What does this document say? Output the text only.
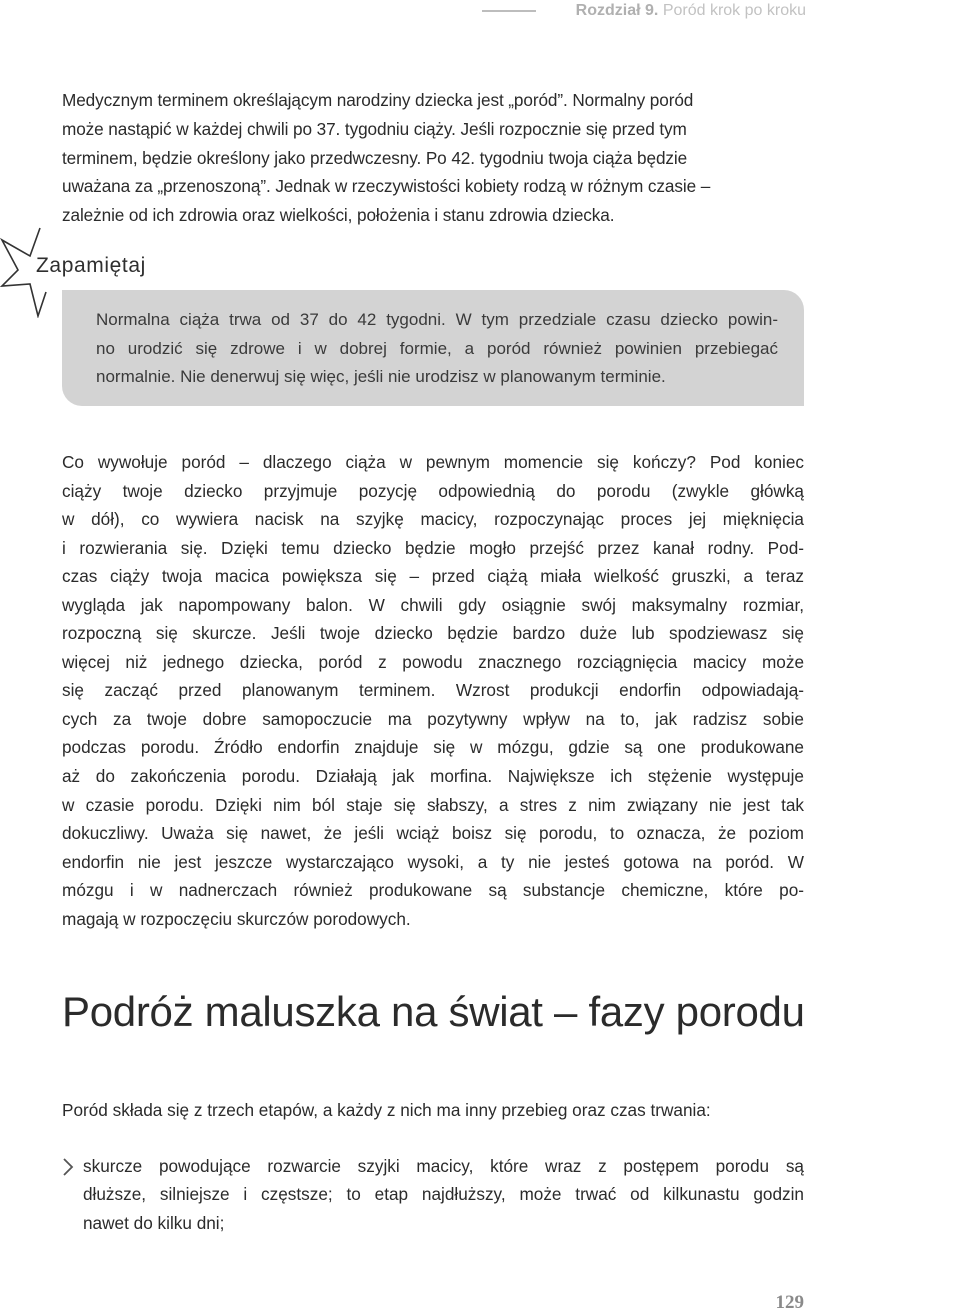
Rozdział 9. Poród krok po kroku

Medycznym terminem określającym narodziny dziecka jest „poród”. Normalny poród
może nastąpić w każdej chwili po 37. tygodniu ciąży. Jeśli rozpocznie się przed tym
terminem, będzie określony jako przedwczesny. Po 42. tygodniu twoja ciąża będzie
uważana za „przenoszoną”. Jednak w rzeczywistości kobiety rodzą w różnym czasie –
zależnie od ich zdrowia oraz wielkości, położenia i stanu zdrowia dziecka.

Zapamiętaj

Normalna ciąża trwa od 37 do 42 tygodni. W tym przedziale czasu dziecko powin-
no urodzić się zdrowe i w dobrej formie, a poród również powinien przebiegać
normalnie. Nie denerwuj się więc, jeśli nie urodzisz w planowanym terminie.

Co wywołuje poród – dlaczego ciąża w pewnym momencie się kończy? Pod koniec
ciąży twoje dziecko przyjmuje pozycję odpowiednią do porodu (zwykle główką
w dół), co wywiera nacisk na szyjkę macicy, rozpoczynając proces jej mięknięcia
i rozwierania się. Dzięki temu dziecko będzie mogło przejść przez kanał rodny. Pod-
czas ciąży twoja macica powiększa się – przed ciążą miała wielkość gruszki, a teraz
wygląda jak napompowany balon. W chwili gdy osiągnie swój maksymalny rozmiar,
rozpoczną się skurcze. Jeśli twoje dziecko będzie bardzo duże lub spodziewasz się
więcej niż jednego dziecka, poród z powodu znacznego rozciągnięcia macicy może
się zacząć przed planowanym terminem. Wzrost produkcji endorfin odpowiadają-
cych za twoje dobre samopoczucie ma pozytywny wpływ na to, jak radzisz sobie
podczas porodu. Źródło endorfin znajduje się w mózgu, gdzie są one produkowane
aż do zakończenia porodu. Działają jak morfina. Największe ich stężenie występuje
w czasie porodu. Dzięki nim ból staje się słabszy, a stres z nim związany nie jest tak
dokuczliwy. Uważa się nawet, że jeśli wciąż boisz się porodu, to oznacza, że poziom
endorfin nie jest jeszcze wystarczająco wysoki, a ty nie jesteś gotowa na poród. W
mózgu i w nadnerczach również produkowane są substancje chemiczne, które po-
magają w rozpoczęciu skurczów porodowych.

Podróż maluszka na świat – fazy porodu

Poród składa się z trzech etapów, a każdy z nich ma inny przebieg oraz czas trwania:

skurcze powodujące rozwarcie szyjki macicy, które wraz z postępem porodu są
dłuższe, silniejsze i częstsze; to etap najdłuższy, może trwać od kilkunastu godzin
nawet do kilku dni;
129
